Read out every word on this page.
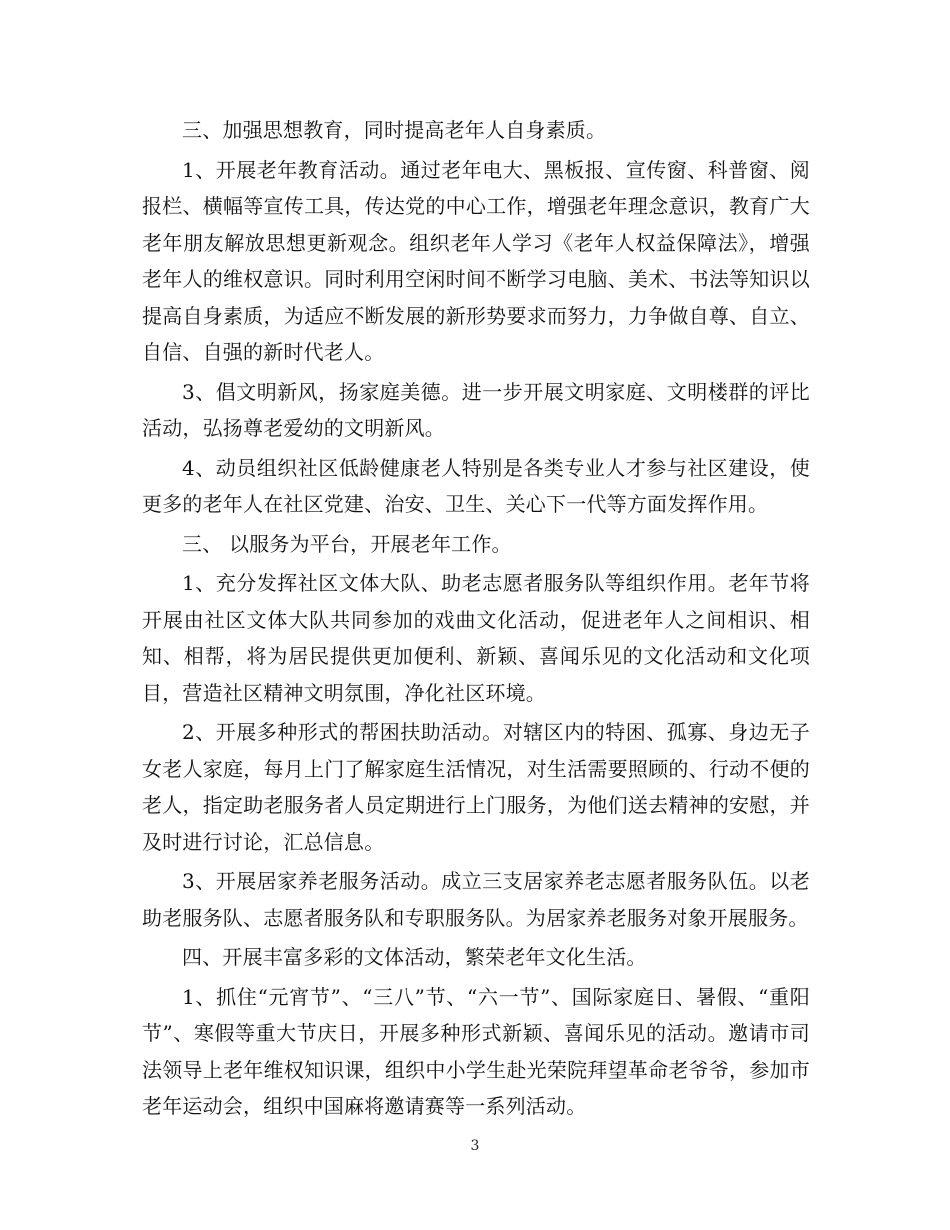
三、加强思想教育，同时提高老年人自身素质。

1、开展老年教育活动。通过老年电大、黑板报、宣传窗、科普窗、阅报栏、横幅等宣传工具，传达党的中心工作，增强老年理念意识，教育广大老年朋友解放思想更新观念。组织老年人学习《老年人权益保障法》，增强老年人的维权意识。同时利用空闲时间不断学习电脑、美术、书法等知识以提高自身素质，为适应不断发展的新形势要求而努力，力争做自尊、自立、自信、自强的新时代老人。

3、倡文明新风，扬家庭美德。进一步开展文明家庭、文明楼群的评比活动，弘扬尊老爱幼的文明新风。

4、动员组织社区低龄健康老人特别是各类专业人才参与社区建设，使更多的老年人在社区党建、治安、卫生、关心下一代等方面发挥作用。

三、 以服务为平台，开展老年工作。

1、充分发挥社区文体大队、助老志愿者服务队等组织作用。老年节将开展由社区文体大队共同参加的戏曲文化活动，促进老年人之间相识、相知、相帮，将为居民提供更加便利、新颖、喜闻乐见的文化活动和文化项目，营造社区精神文明氛围，净化社区环境。

2、开展多种形式的帮困扶助活动。对辖区内的特困、孤寡、身边无子女老人家庭，每月上门了解家庭生活情况，对生活需要照顾的、行动不便的老人，指定助老服务者人员定期进行上门服务，为他们送去精神的安慰，并及时进行讨论，汇总信息。

3、开展居家养老服务活动。成立三支居家养老志愿者服务队伍。以老助老服务队、志愿者服务队和专职服务队。为居家养老服务对象开展服务。

四、开展丰富多彩的文体活动，繁荣老年文化生活。

1、抓住“元宵节”、“三八”节、“六一节”、国际家庭日、暑假、“重阳节”、寒假等重大节庆日，开展多种形式新颖、喜闻乐见的活动。邀请市司法领导上老年维权知识课，组织中小学生赴光荣院拜望革命老爷爷，参加市老年运动会，组织中国麻将邀请赛等一系列活动。

3
